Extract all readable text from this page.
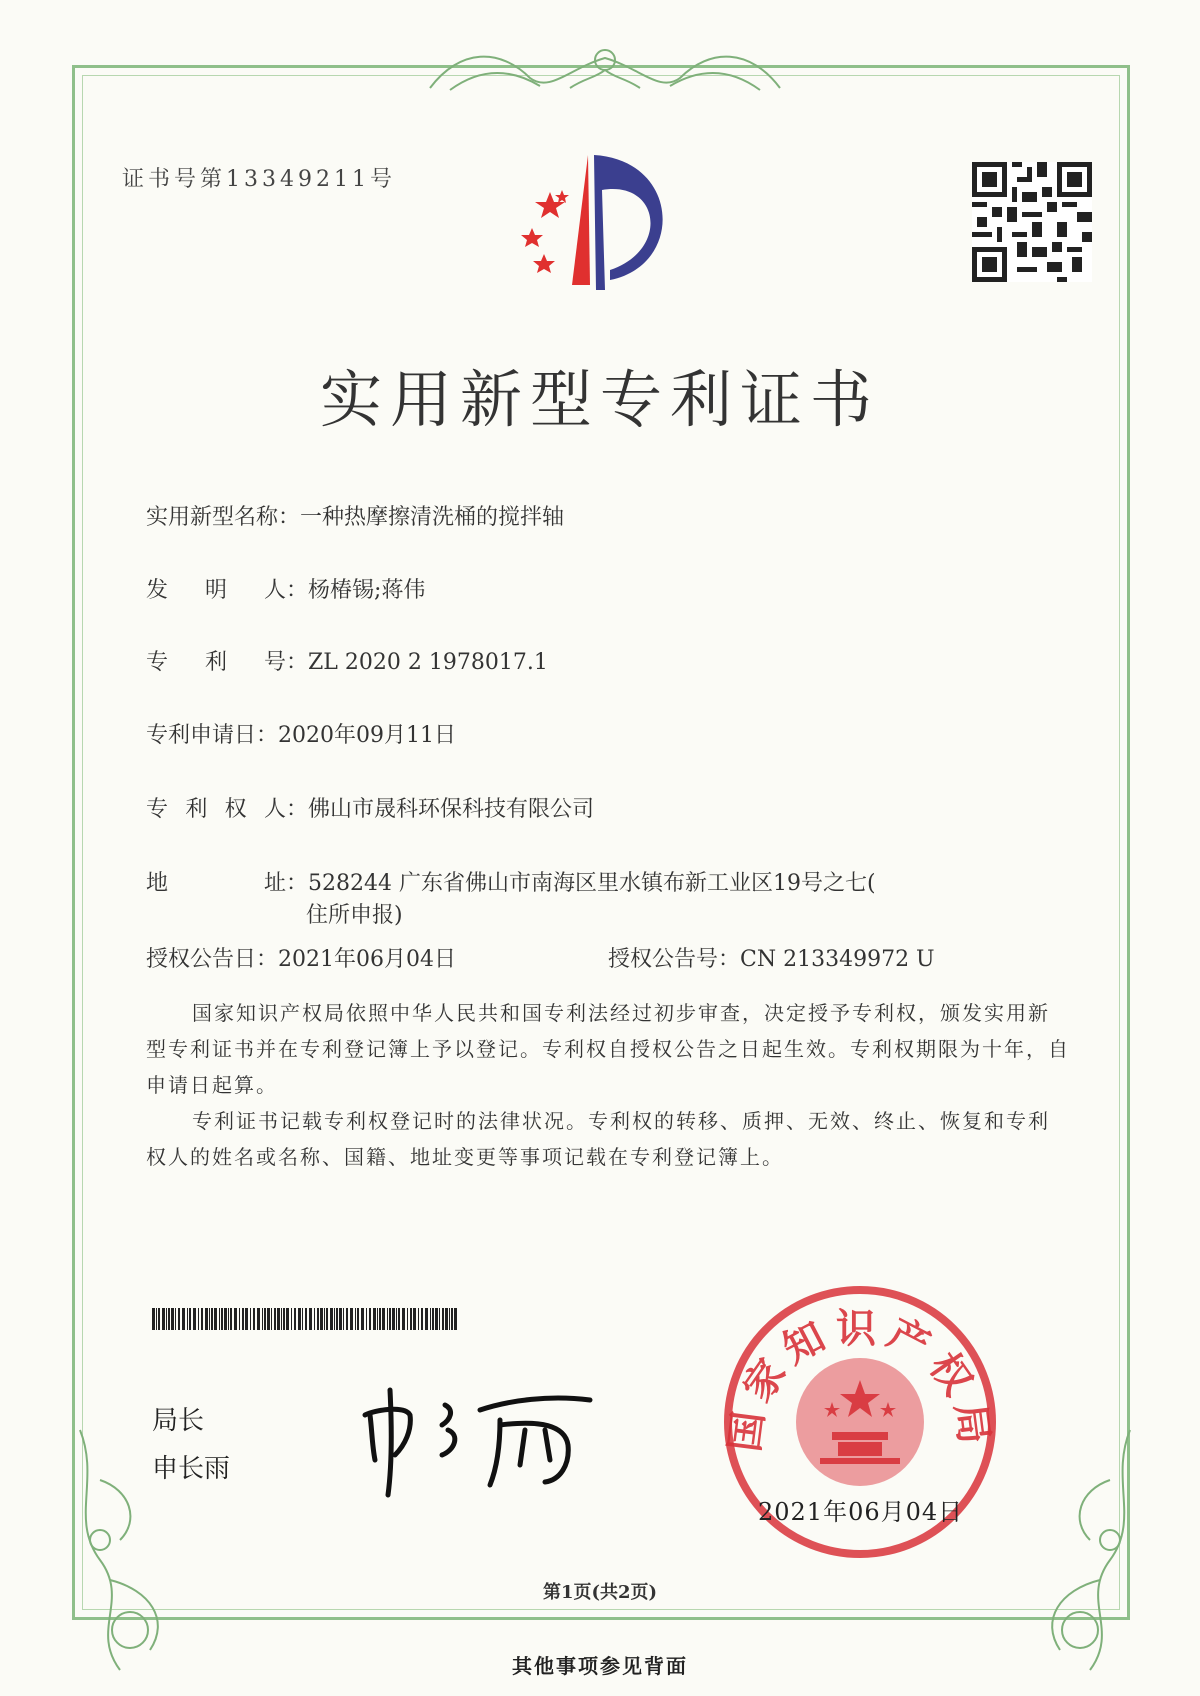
证书号第13349211号
实用新型专利证书
实用新型名称：一种热摩擦清洗桶的搅拌轴
发 明 人 ：杨椿锡;蒋伟
专 利 号 ：ZL 2020 2 1978017.1
专利申请日：2020年09月11日
专 利 权 人 ：佛山市晟科环保科技有限公司
地	址 ：528244 广东省佛山市南海区里水镇布新工业区19号之七(
住所申报)
授权公告日：2021年06月04日	授权公告号：CN 213349972 U
国家知识产权局依照中华人民共和国专利法经过初步审查，决定授予专利权，颁发实用新型专利证书并在专利登记簿上予以登记。专利权自授权公告之日起生效。专利权期限为十年，自申请日起算。
专利证书记载专利权登记时的法律状况。专利权的转移、质押、无效、终止、恢复和专利权人的姓名或名称、国籍、地址变更等事项记载在专利登记簿上。
局长
申长雨
国家知识产权局
2021年06月04日
第1页(共2页)
其他事项参见背面
